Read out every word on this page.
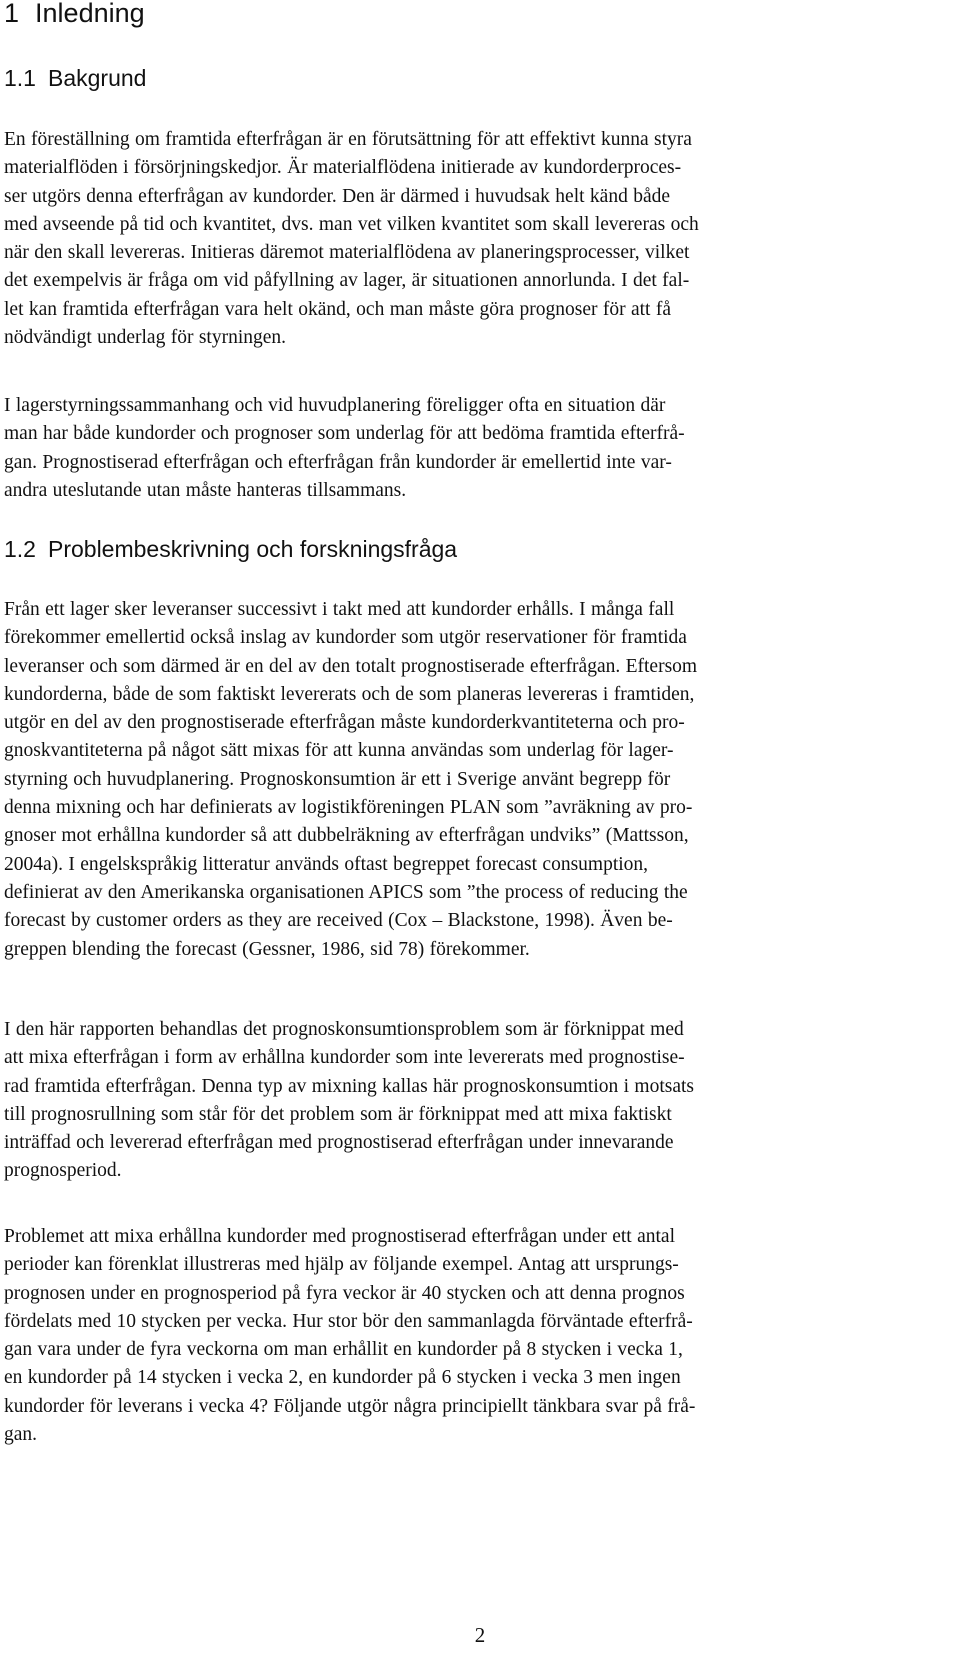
1 Inledning
1.1 Bakgrund

En föreställning om framtida efterfrågan är en förutsättning för att effektivt kunna styra
materialflöden i försörjningskedjor. Är materialflödena initierade av kundorderproces-
ser utgörs denna efterfrågan av kundorder. Den är därmed i huvudsak helt känd både
med avseende på tid och kvantitet, dvs. man vet vilken kvantitet som skall levereras och
när den skall levereras. Initieras däremot materialflödena av planeringsprocesser, vilket
det exempelvis är fråga om vid påfyllning av lager, är situationen annorlunda. I det fal-
let kan framtida efterfrågan vara helt okänd, och man måste göra prognoser för att få
nödvändigt underlag för styrningen.

I lagerstyrningssammanhang och vid huvudplanering föreligger ofta en situation där
man har både kundorder och prognoser som underlag för att bedöma framtida efterfrå-
gan. Prognostiserad efterfrågan och efterfrågan från kundorder är emellertid inte var-
andra uteslutande utan måste hanteras tillsammans.

1.2 Problembeskrivning och forskningsfråga

Från ett lager sker leveranser successivt i takt med att kundorder erhålls. I många fall
förekommer emellertid också inslag av kundorder som utgör reservationer för framtida
leveranser och som därmed är en del av den totalt prognostiserade efterfrågan. Eftersom
kundorderna, både de som faktiskt levererats och de som planeras levereras i framtiden,
utgör en del av den prognostiserade efterfrågan måste kundorderkvantiteterna och pro-
gnoskvantiteterna på något sätt mixas för att kunna användas som underlag för lager-
styrning och huvudplanering. Prognoskonsumtion är ett i Sverige använt begrepp för
denna mixning och har definierats av logistikföreningen PLAN som ”avräkning av pro-
gnoser mot erhållna kundorder så att dubbelräkning av efterfrågan undviks” (Mattsson,
2004a). I engelskspråkig litteratur används oftast begreppet forecast consumption,
definierat av den Amerikanska organisationen APICS som ”the process of reducing the
forecast by customer orders as they are received (Cox – Blackstone, 1998). Även be-
greppen blending the forecast (Gessner, 1986, sid 78) förekommer.

I den här rapporten behandlas det prognoskonsumtionsproblem som är förknippat med
att mixa efterfrågan i form av erhållna kundorder som inte levererats med prognostise-
rad framtida efterfrågan. Denna typ av mixning kallas här prognoskonsumtion i motsats
till prognosrullning som står för det problem som är förknippat med att mixa faktiskt
inträffad och levererad efterfrågan med prognostiserad efterfrågan under innevarande
prognosperiod.

Problemet att mixa erhållna kundorder med prognostiserad efterfrågan under ett antal
perioder kan förenklat illustreras med hjälp av följande exempel. Antag att ursprungs-
prognosen under en prognosperiod på fyra veckor är 40 stycken och att denna prognos
fördelats med 10 stycken per vecka. Hur stor bör den sammanlagda förväntade efterfrå-
gan vara under de fyra veckorna om man erhållit en kundorder på 8 stycken i vecka 1,
en kundorder på 14 stycken i vecka 2, en kundorder på 6 stycken i vecka 3 men ingen
kundorder för leverans i vecka 4? Följande utgör några principiellt tänkbara svar på frå-
gan.

2
